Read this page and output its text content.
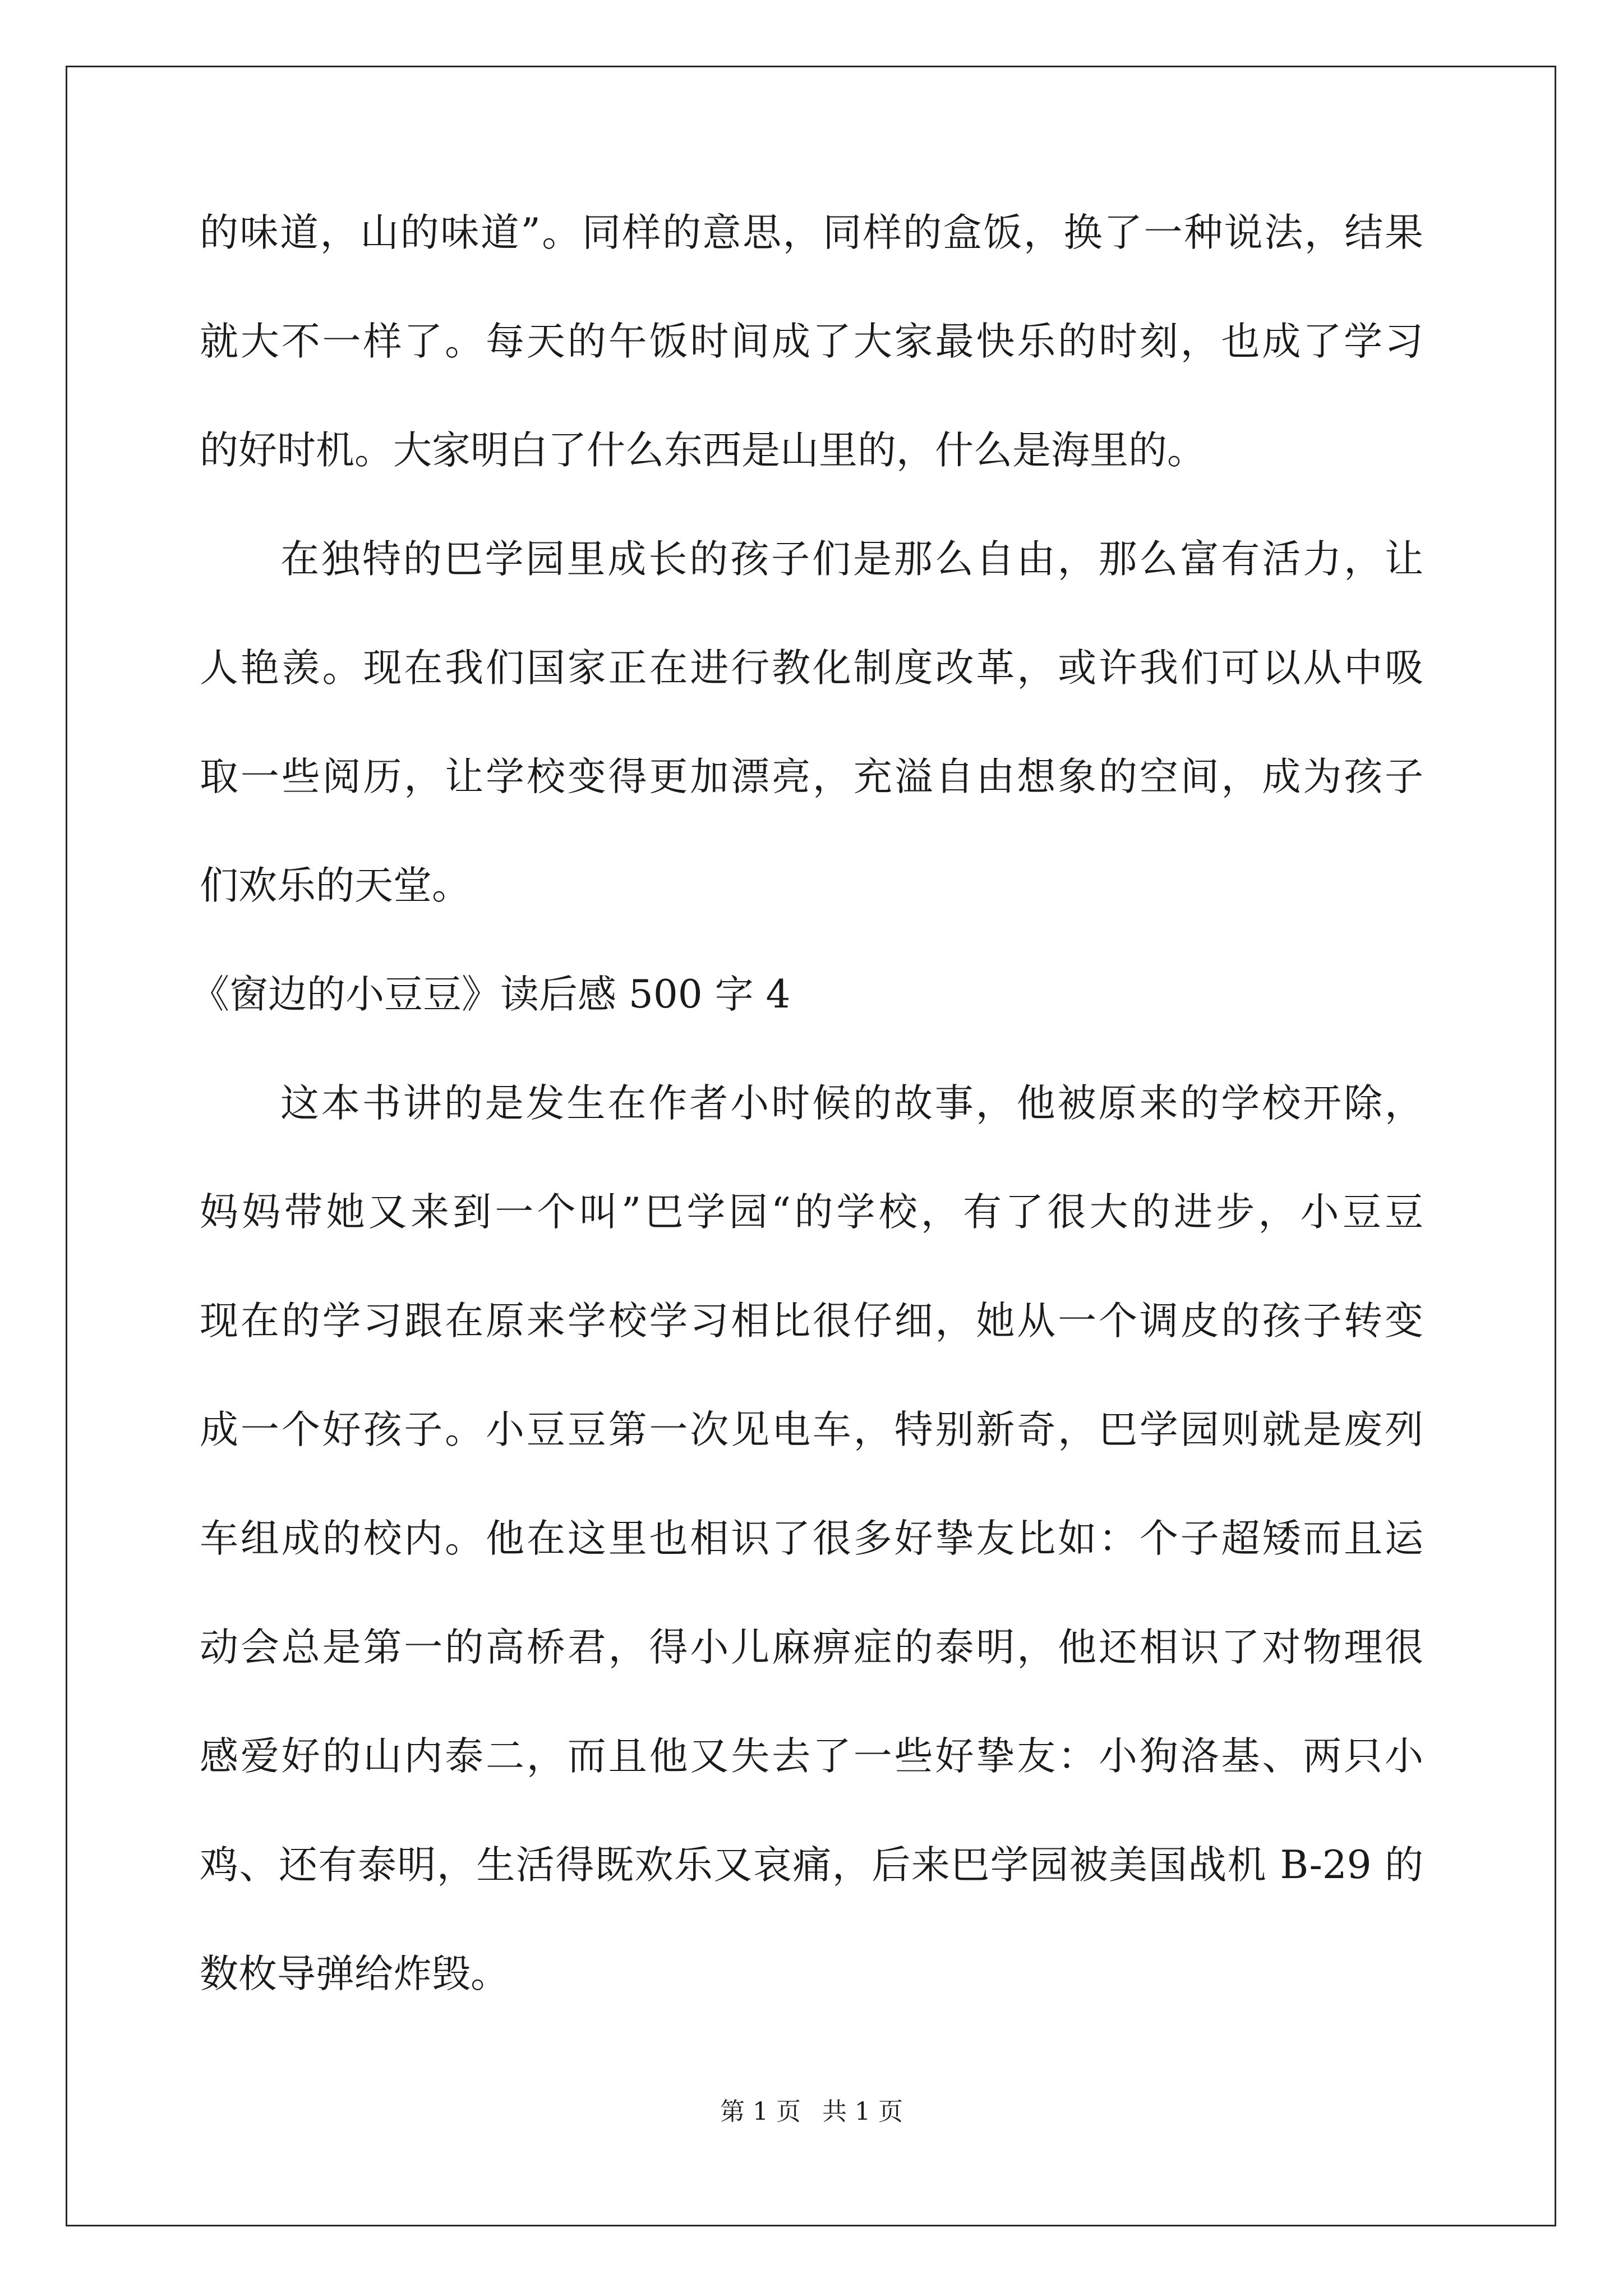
的味道，山的味道”。同样的意思，同样的盒饭，换了一种说法，结果
就大不一样了。每天的午饭时间成了大家最快乐的时刻，也成了学习
的好时机。大家明白了什么东西是山里的，什么是海里的。
在独特的巴学园里成长的孩子们是那么自由，那么富有活力，让
人艳羡。现在我们国家正在进行教化制度改革，或许我们可以从中吸
取一些阅历，让学校变得更加漂亮，充溢自由想象的空间，成为孩子
们欢乐的天堂。
《窗边的小豆豆》读后感 500 字 4
这本书讲的是发生在作者小时候的故事，他被原来的学校开除，
妈妈带她又来到一个叫”巴学园“的学校，有了很大的进步，小豆豆
现在的学习跟在原来学校学习相比很仔细，她从一个调皮的孩子转变
成一个好孩子。小豆豆第一次见电车，特别新奇，巴学园则就是废列
车组成的校内。他在这里也相识了很多好挚友比如：个子超矮而且运
动会总是第一的高桥君，得小儿麻痹症的泰明，他还相识了对物理很
感爱好的山内泰二，而且他又失去了一些好挚友：小狗洛基、两只小
鸡、还有泰明，生活得既欢乐又哀痛，后来巴学园被美国战机 B-29 的
数枚导弹给炸毁。
第 1 页 共 1 页
